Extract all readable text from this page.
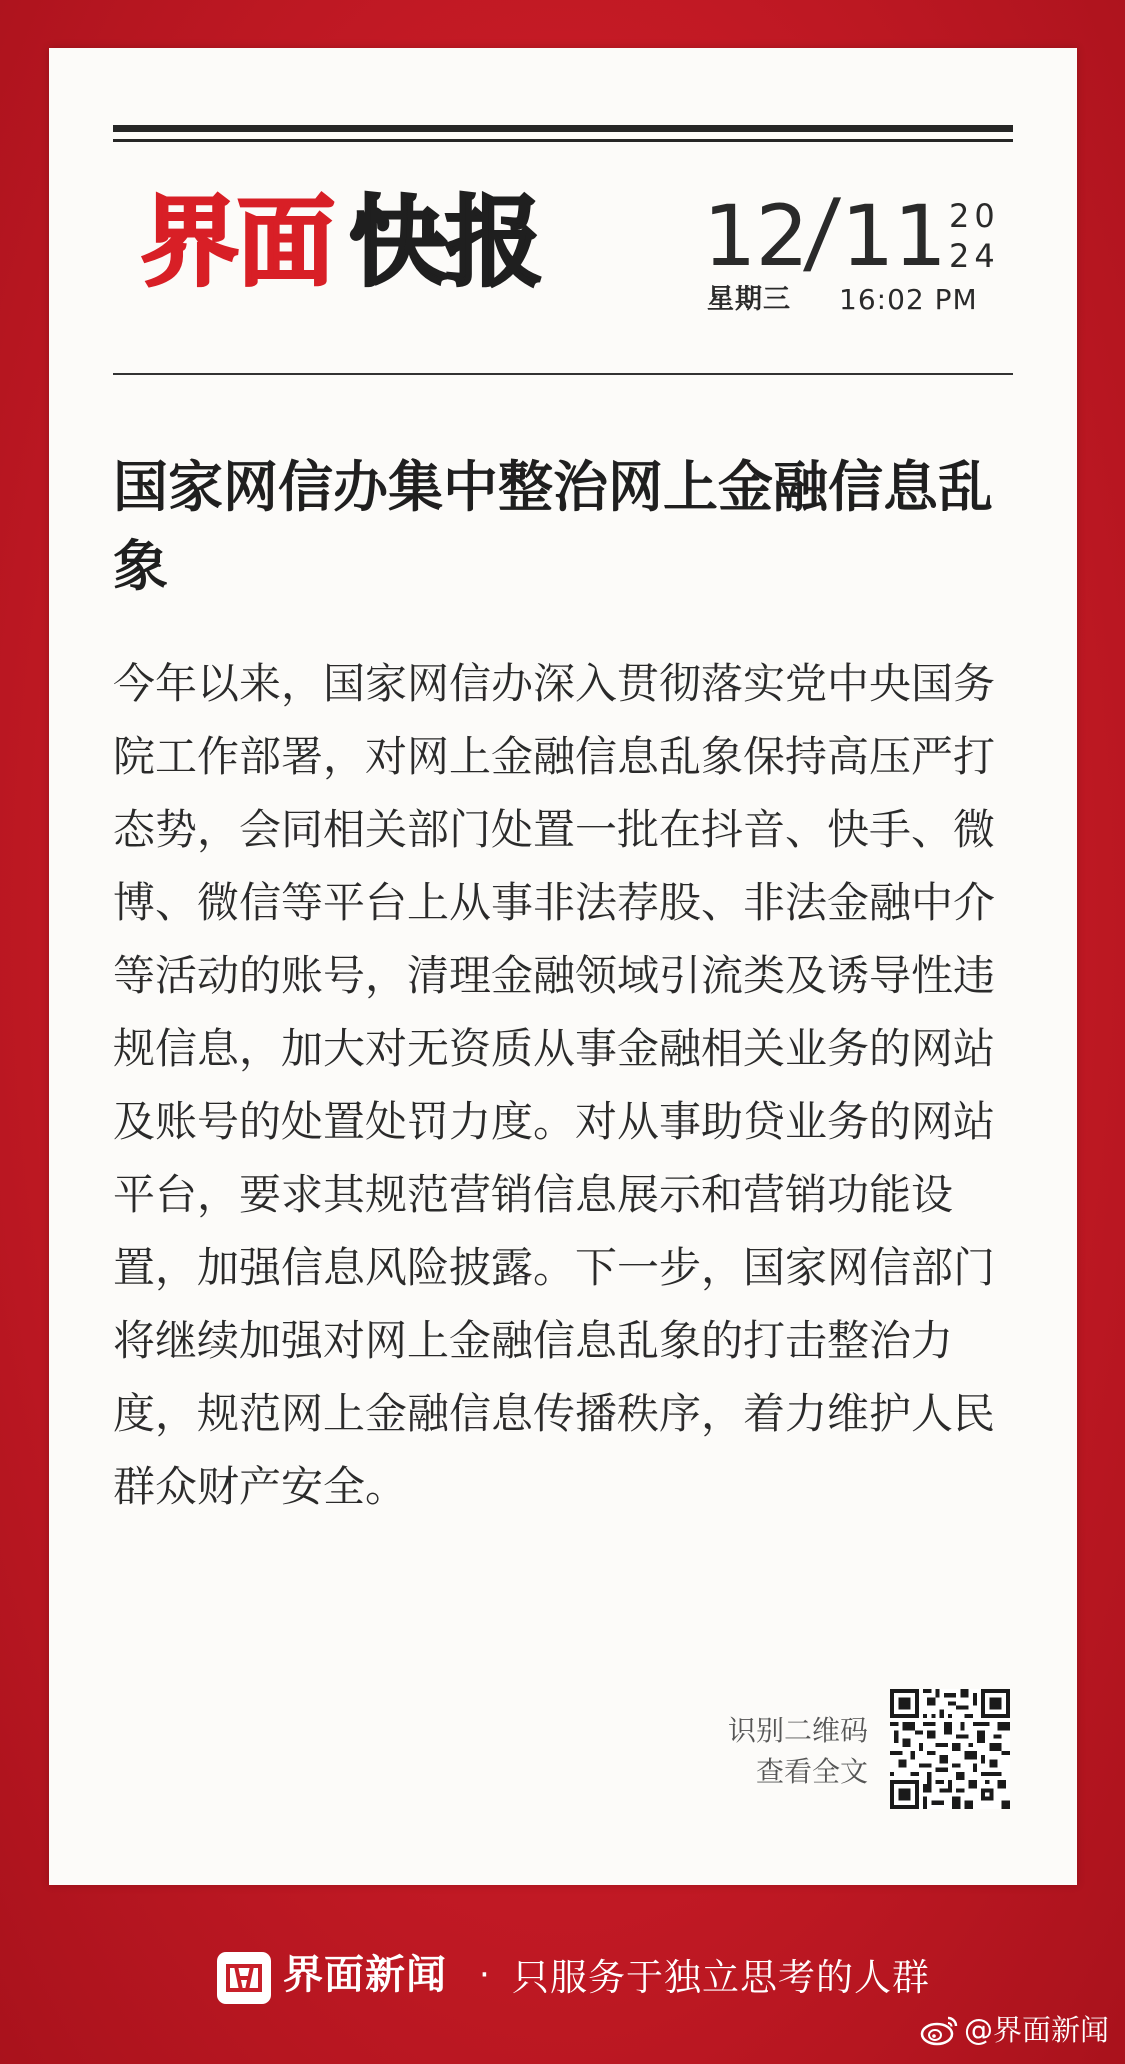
界面 快报 12
/
11 20
24
星期三 16:02 PM
国家网信办集中整治网上金融信息乱象

今年以来，国家网信办深入贯彻落实党中央国务院工作部署，对网上金融信息乱象保持高压严打态势，会同相关部门处置一批在抖音、快手、微博、微信等平台上从事非法荐股、非法金融中介等活动的账号，清理金融领域引流类及诱导性违规信息，加大对无资质从事金融相关业务的网站及账号的处置处罚力度。对从事助贷业务的网站平台，要求其规范营销信息展示和营销功能设置，加强信息风险披露。下一步，国家网信部门将继续加强对网上金融信息乱象的打击整治力度，规范网上金融信息传播秩序，着力维护人民群众财产安全。

识别二维码
查看全文
界面新闻 · 只服务于独立思考的人群
@界面新闻
